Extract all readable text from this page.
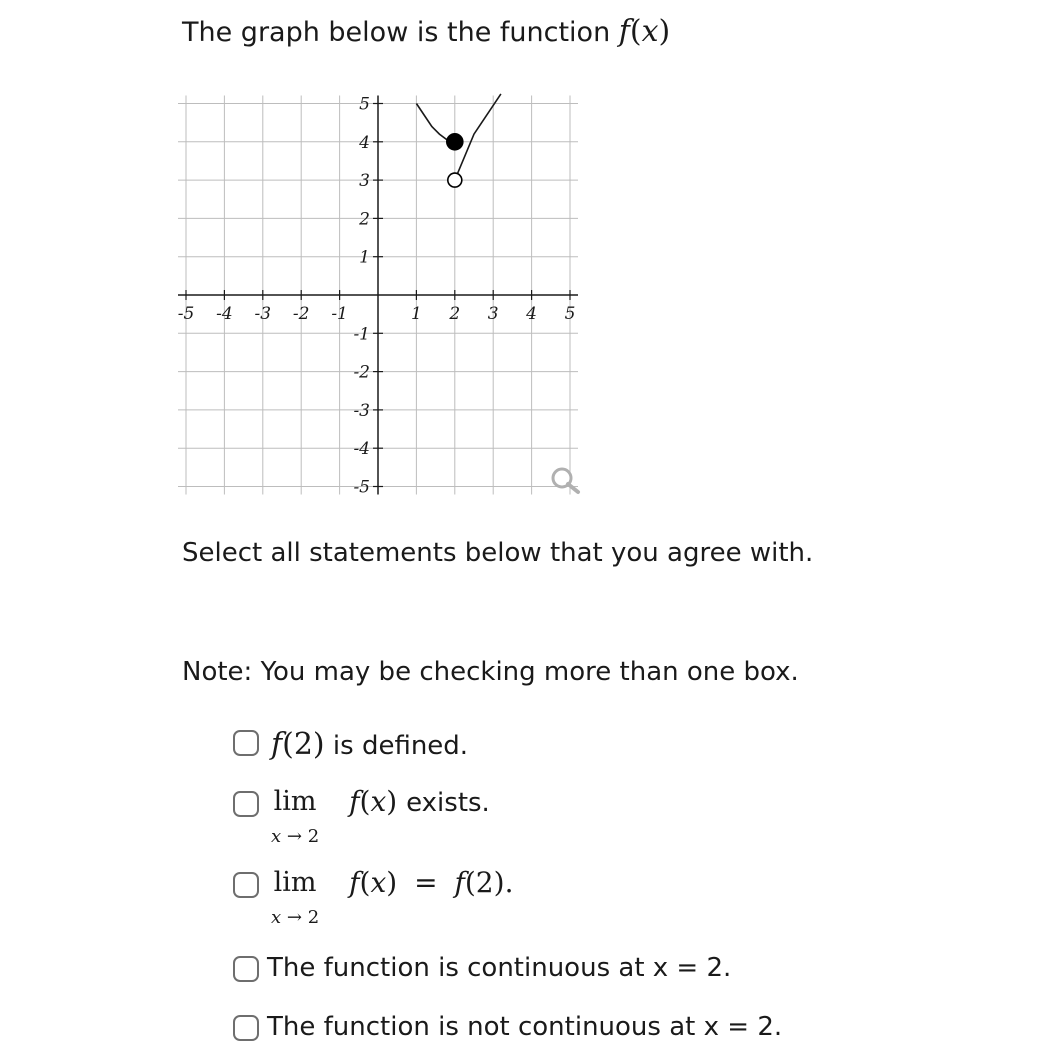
The graph below is the function f(x)
-5 -4 -3 -2 -1	1 2 3 4 5
5
4
3
2
1
-1
-2
-3
-4
-5
Select all statements below that you agree with.
Note: You may be checking more than one box.
f(2) is defined.
lim
x → 2
f(x) exists.
lim
x → 2
f(x) = f(2).
The function is continuous at x = 2.
The function is not continuous at x = 2.
